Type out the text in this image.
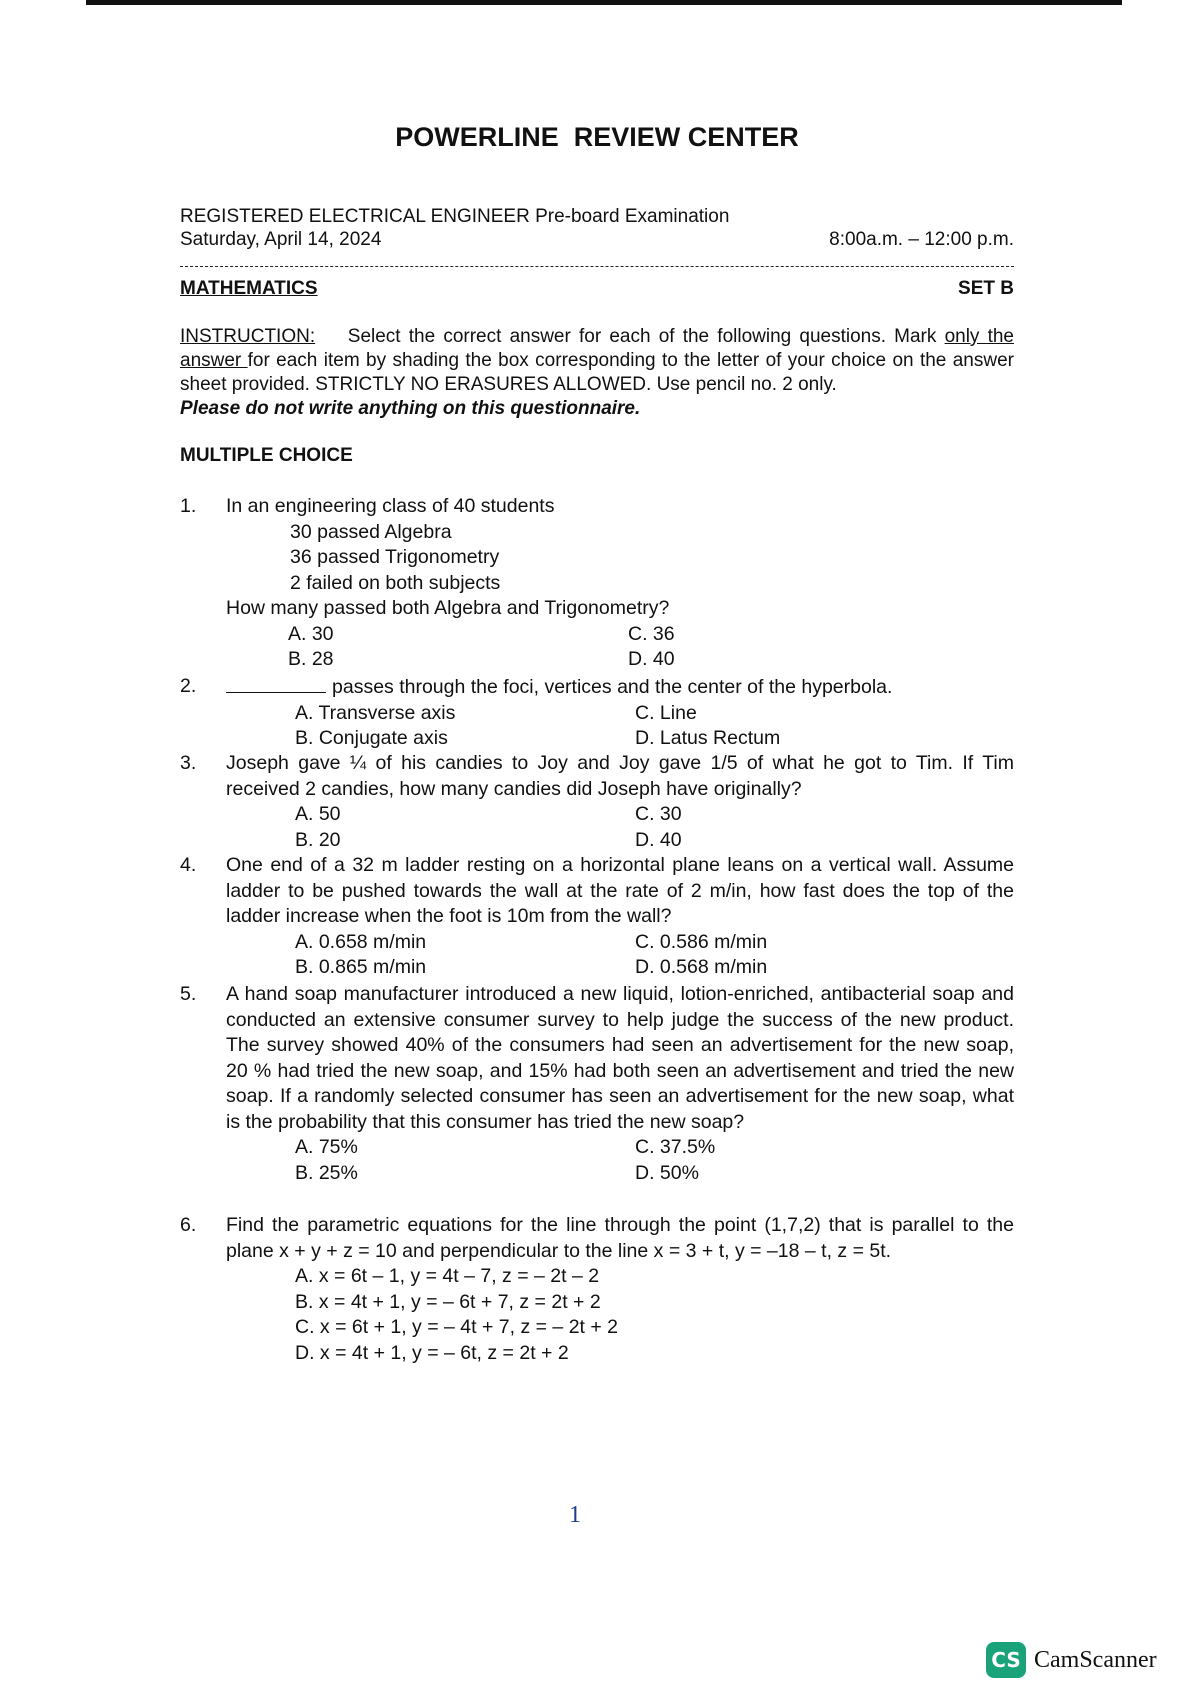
POWERLINE  REVIEW CENTER
REGISTERED ELECTRICAL ENGINEER Pre-board Examination
Saturday, April 14, 2024	8:00a.m. – 12:00 p.m.
MATHEMATICS	SET B
INSTRUCTION: Select the correct answer for each of the following questions. Mark only the answer for each item by shading the box corresponding to the letter of your choice on the answer sheet provided. STRICTLY NO ERASURES ALLOWED. Use pencil no. 2 only.
Please do not write anything on this questionnaire.
MULTIPLE CHOICE
1. In an engineering class of 40 students
30 passed Algebra
36 passed Trigonometry
2 failed on both subjects
How many passed both Algebra and Trigonometry?
A. 30	C. 36
B. 28	D. 40
2.	passes through the foci, vertices and the center of the hyperbola.
A. Transverse axis	C. Line
B. Conjugate axis	D. Latus Rectum
3. Joseph gave ¼ of his candies to Joy and Joy gave 1/5 of what he got to Tim. If Tim received 2 candies, how many candies did Joseph have originally?
A. 50	C. 30
B. 20	D. 40
4. One end of a 32 m ladder resting on a horizontal plane leans on a vertical wall. Assume ladder to be pushed towards the wall at the rate of 2 m/in, how fast does the top of the ladder increase when the foot is 10m from the wall?
A. 0.658 m/min	C. 0.586 m/min
B. 0.865 m/min	D. 0.568 m/min
5. A hand soap manufacturer introduced a new liquid, lotion-enriched, antibacterial soap and conducted an extensive consumer survey to help judge the success of the new product. The survey showed 40% of the consumers had seen an advertisement for the new soap, 20 % had tried the new soap, and 15% had both seen an advertisement and tried the new soap. If a randomly selected consumer has seen an advertisement for the new soap, what is the probability that this consumer has tried the new soap?
A. 75%	C. 37.5%
B. 25%	D. 50%
6. Find the parametric equations for the line through the point (1,7,2) that is parallel to the plane x + y + z = 10 and perpendicular to the line x = 3 + t, y = –18 – t, z = 5t.
A. x = 6t – 1, y = 4t – 7, z = – 2t – 2
B. x = 4t + 1, y = – 6t + 7, z = 2t + 2
C. x = 6t + 1, y = – 4t + 7, z = – 2t + 2
D. x = 4t + 1, y = – 6t, z = 2t + 2
1
CS CamScanner
